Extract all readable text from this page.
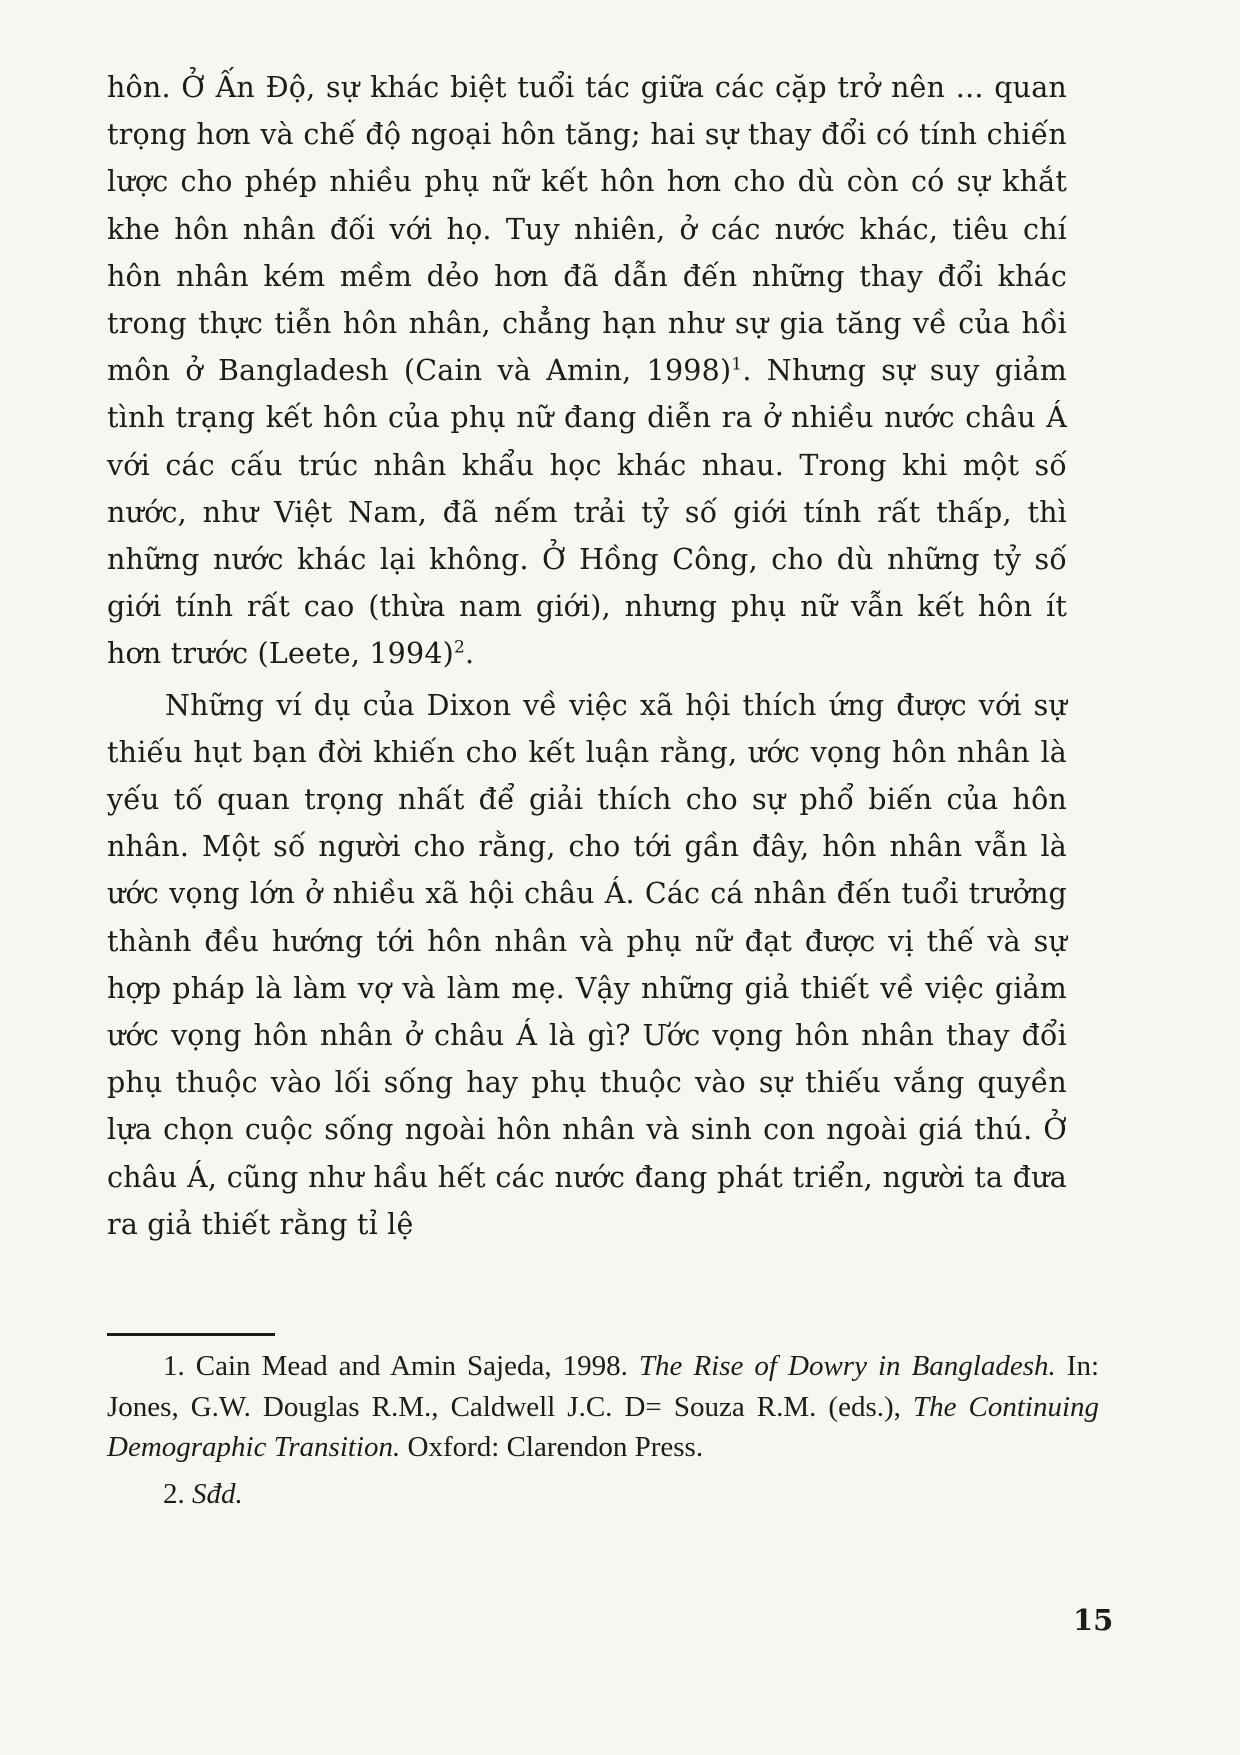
hôn. Ở Ấn Độ, sự khác biệt tuổi tác giữa các cặp trở nên ... quan trọng hơn và chế độ ngoại hôn tăng; hai sự thay đổi có tính chiến lược cho phép nhiều phụ nữ kết hôn hơn cho dù còn có sự khắt khe hôn nhân đối với họ. Tuy nhiên, ở các nước khác, tiêu chí hôn nhân kém mềm dẻo hơn đã dẫn đến những thay đổi khác trong thực tiễn hôn nhân, chẳng hạn như sự gia tăng về của hồi môn ở Bangladesh (Cain và Amin, 1998)$^1$. Nhưng sự suy giảm tình trạng kết hôn của phụ nữ đang diễn ra ở nhiều nước châu Á với các cấu trúc nhân khẩu học khác nhau. Trong khi một số nước, như Việt Nam, đã nếm trải tỷ số giới tính rất thấp, thì những nước khác lại không. Ở Hồng Công, cho dù những tỷ số giới tính rất cao (thừa nam giới), nhưng phụ nữ vẫn kết hôn ít hơn trước (Leete, 1994)$^2$.

Những ví dụ của Dixon về việc xã hội thích ứng được với sự thiếu hụt bạn đời khiến cho kết luận rằng, ước vọng hôn nhân là yếu tố quan trọng nhất để giải thích cho sự phổ biến của hôn nhân. Một số người cho rằng, cho tới gần đây, hôn nhân vẫn là ước vọng lớn ở nhiều xã hội châu Á. Các cá nhân đến tuổi trưởng thành đều hướng tới hôn nhân và phụ nữ đạt được vị thế và sự hợp pháp là làm vợ và làm mẹ. Vậy những giả thiết về việc giảm ước vọng hôn nhân ở châu Á là gì? Ước vọng hôn nhân thay đổi phụ thuộc vào lối sống hay phụ thuộc vào sự thiếu vắng quyền lựa chọn cuộc sống ngoài hôn nhân và sinh con ngoài giá thú. Ở châu Á, cũng như hầu hết các nước đang phát triển, người ta đưa ra giả thiết rằng tỉ lệ

1. Cain Mead and Amin Sajeda, 1998. The Rise of Dowry in Bangladesh. In: Jones, G.W. Douglas R.M., Caldwell J.C. D= Souza R.M. (eds.), The Continuing Demographic Transition. Oxford: Clarendon Press.

2. Sđd.

15
